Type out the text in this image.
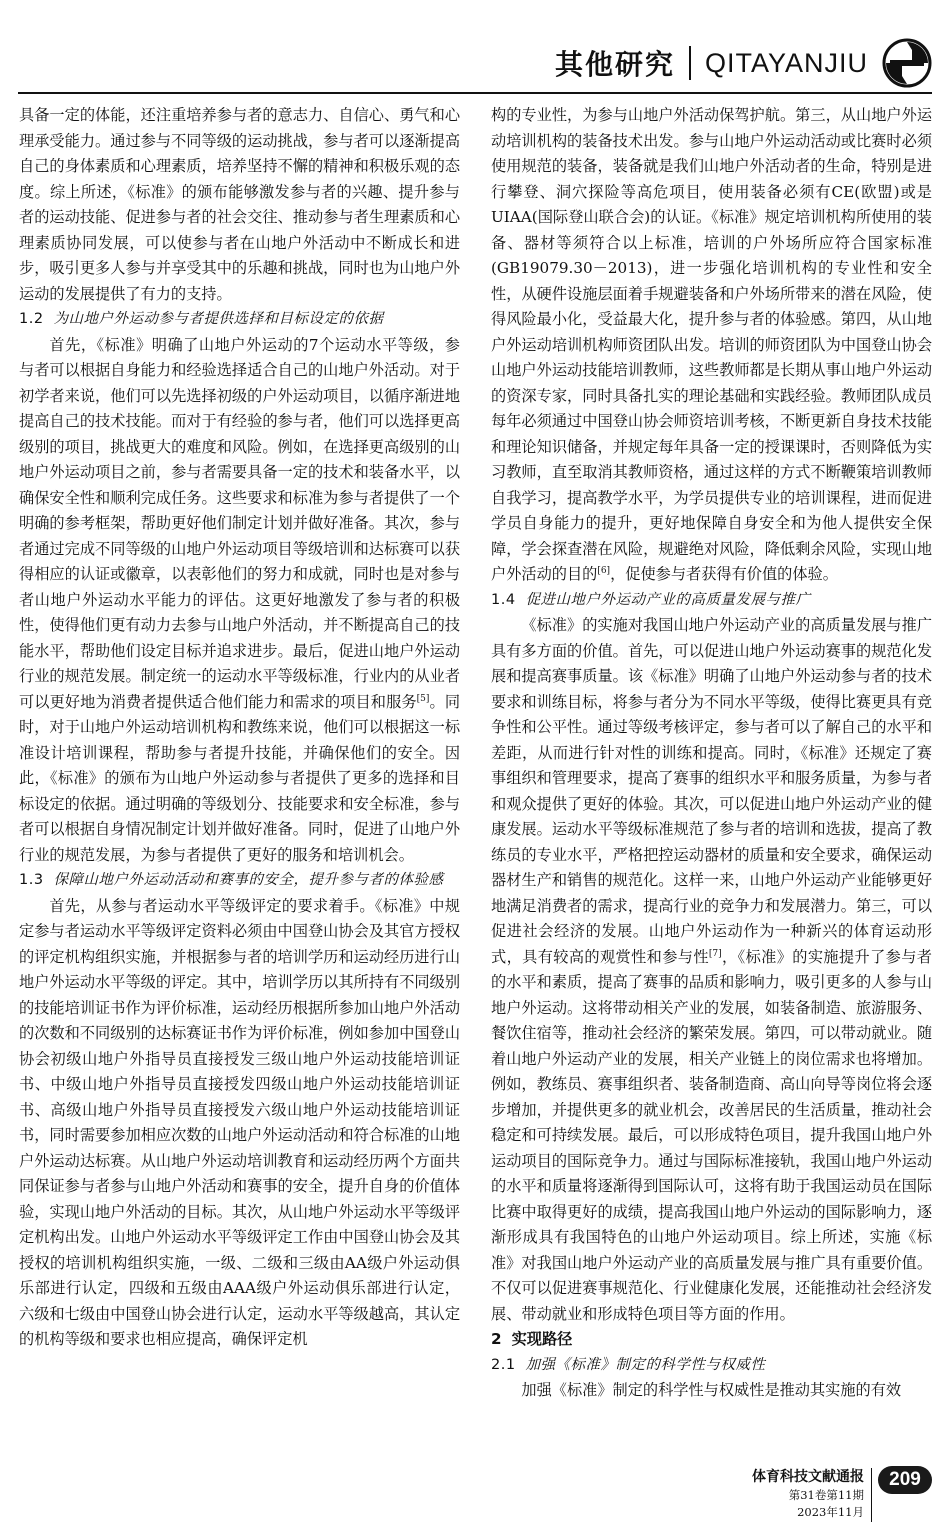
其他研究	QITAYANJIU

具备一定的体能，还注重培养参与者的意志力、自信心、勇气和心理承受能力。通过参与不同等级的运动挑战，参与者可以逐渐提高自己的身体素质和心理素质，培养坚持不懈的精神和积极乐观的态度。综上所述，《标准》的颁布能够激发参与者的兴趣、提升参与者的运动技能、促进参与者的社会交往、推动参与者生理素质和心理素质协同发展，可以使参与者在山地户外活动中不断成长和进步，吸引更多人参与并享受其中的乐趣和挑战，同时也为山地户外运动的发展提供了有力的支持。

1.2 为山地户外运动参与者提供选择和目标设定的依据

首先，《标准》明确了山地户外运动的7个运动水平等级，参与者可以根据自身能力和经验选择适合自己的山地户外活动。对于初学者来说，他们可以先选择初级的户外运动项目，以循序渐进地提高自己的技术技能。而对于有经验的参与者，他们可以选择更高级别的项目，挑战更大的难度和风险。例如，在选择更高级别的山地户外运动项目之前，参与者需要具备一定的技术和装备水平，以确保安全性和顺利完成任务。这些要求和标准为参与者提供了一个明确的参考框架，帮助更好他们制定计划并做好准备。其次，参与者通过完成不同等级的山地户外运动项目等级培训和达标赛可以获得相应的认证或徽章，以表彰他们的努力和成就，同时也是对参与者山地户外运动水平能力的评估。这更好地激发了参与者的积极性，使得他们更有动力去参与山地户外活动，并不断提高自己的技能水平，帮助他们设定目标并追求进步。最后，促进山地户外运动行业的规范发展。制定统一的运动水平等级标准，行业内的从业者可以更好地为消费者提供适合他们能力和需求的项目和服务[5]。同时，对于山地户外运动培训机构和教练来说，他们可以根据这一标准设计培训课程，帮助参与者提升技能，并确保他们的安全。因此，《标准》的颁布为山地户外运动参与者提供了更多的选择和目标设定的依据。通过明确的等级划分、技能要求和安全标准，参与者可以根据自身情况制定计划并做好准备。同时，促进了山地户外行业的规范发展，为参与者提供了更好的服务和培训机会。

1.3 保障山地户外运动活动和赛事的安全，提升参与者的体验感

首先，从参与者运动水平等级评定的要求着手。《标准》中规定参与者运动水平等级评定资料必须由中国登山协会及其官方授权的评定机构组织实施，并根据参与者的培训学历和运动经历进行山地户外运动水平等级的评定。其中，培训学历以其所持有不同级别的技能培训证书作为评价标准，运动经历根据所参加山地户外活动的次数和不同级别的达标赛证书作为评价标准，例如参加中国登山协会初级山地户外指导员直接授发三级山地户外运动技能培训证书、中级山地户外指导员直接授发四级山地户外运动技能培训证书、高级山地户外指导员直接授发六级山地户外运动技能培训证书，同时需要参加相应次数的山地户外运动活动和符合标准的山地户外运动达标赛。从山地户外运动培训教育和运动经历两个方面共同保证参与者参与山地户外活动和赛事的安全，提升自身的价值体验，实现山地户外活动的目标。其次，从山地户外运动水平等级评定机构出发。山地户外运动水平等级评定工作由中国登山协会及其授权的培训机构组织实施，一级、二级和三级由AA级户外运动俱乐部进行认定，四级和五级由AAA级户外运动俱乐部进行认定，六级和七级由中国登山协会进行认定，运动水平等级越高，其认定的机构等级和要求也相应提高，确保评定机

构的专业性，为参与山地户外活动保驾护航。第三，从山地户外运动培训机构的装备技术出发。参与山地户外运动活动或比赛时必须使用规范的装备，装备就是我们山地户外活动者的生命，特别是进行攀登、洞穴探险等高危项目，使用装备必须有CE(欧盟)或是UIAA(国际登山联合会)的认证。《标准》规定培训机构所使用的装备、器材等须符合以上标准，培训的户外场所应符合国家标准(GB19079.30－2013)，进一步强化培训机构的专业性和安全性，从硬件设施层面着手规避装备和户外场所带来的潜在风险，使得风险最小化，受益最大化，提升参与者的体验感。第四，从山地户外运动培训机构师资团队出发。培训的师资团队为中国登山协会山地户外运动技能培训教师，这些教师都是长期从事山地户外运动的资深专家，同时具备扎实的理论基础和实践经验。教师团队成员每年必须通过中国登山协会师资培训考核，不断更新自身技术技能和理论知识储备，并规定每年具备一定的授课课时，否则降低为实习教师，直至取消其教师资格，通过这样的方式不断鞭策培训教师自我学习，提高教学水平，为学员提供专业的培训课程，进而促进学员自身能力的提升，更好地保障自身安全和为他人提供安全保障，学会探查潜在风险，规避绝对风险，降低剩余风险，实现山地户外活动的目的[6]，促使参与者获得有价值的体验。

1.4 促进山地户外运动产业的高质量发展与推广

《标准》的实施对我国山地户外运动产业的高质量发展与推广具有多方面的价值。首先，可以促进山地户外运动赛事的规范化发展和提高赛事质量。该《标准》明确了山地户外运动参与者的技术要求和训练目标，将参与者分为不同水平等级，使得比赛更具有竞争性和公平性。通过等级考核评定，参与者可以了解自己的水平和差距，从而进行针对性的训练和提高。同时，《标准》还规定了赛事组织和管理要求，提高了赛事的组织水平和服务质量，为参与者和观众提供了更好的体验。其次，可以促进山地户外运动产业的健康发展。运动水平等级标准规范了参与者的培训和选拔，提高了教练员的专业水平，严格把控运动器材的质量和安全要求，确保运动器材生产和销售的规范化。这样一来，山地户外运动产业能够更好地满足消费者的需求，提高行业的竞争力和发展潜力。第三，可以促进社会经济的发展。山地户外运动作为一种新兴的体育运动形式，具有较高的观赏性和参与性[7]，《标准》的实施提升了参与者的水平和素质，提高了赛事的品质和影响力，吸引更多的人参与山地户外运动。这将带动相关产业的发展，如装备制造、旅游服务、餐饮住宿等，推动社会经济的繁荣发展。第四，可以带动就业。随着山地户外运动产业的发展，相关产业链上的岗位需求也将增加。例如，教练员、赛事组织者、装备制造商、高山向导等岗位将会逐步增加，并提供更多的就业机会，改善居民的生活质量，推动社会稳定和可持续发展。最后，可以形成特色项目，提升我国山地户外运动项目的国际竞争力。通过与国际标准接轨，我国山地户外运动的水平和质量将逐渐得到国际认可，这将有助于我国运动员在国际比赛中取得更好的成绩，提高我国山地户外运动的国际影响力，逐渐形成具有我国特色的山地户外运动项目。综上所述，实施《标准》对我国山地户外运动产业的高质量发展与推广具有重要价值。不仅可以促进赛事规范化、行业健康化发展，还能推动社会经济发展、带动就业和形成特色项目等方面的作用。

2 实现路径
2.1 加强《标准》制定的科学性与权威性

加强《标准》制定的科学性与权威性是推动其实施的有效

体育科技文献通报
第31卷第11期
2023年11月
209
